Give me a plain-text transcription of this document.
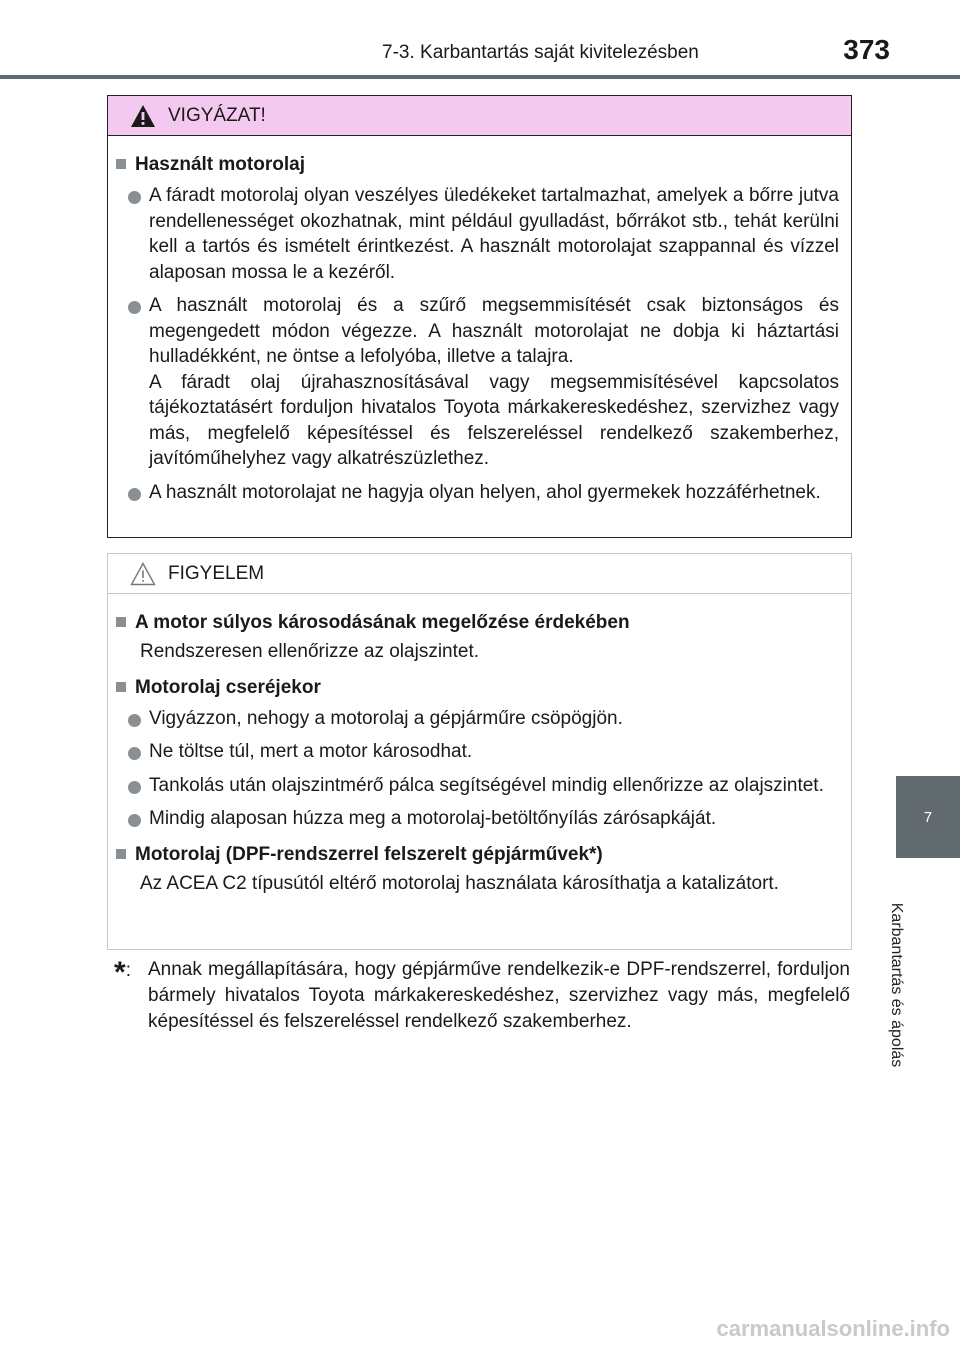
7-3. Karbantartás saját kivitelezésben	373
7
Karbantartás és ápolás
VIGYÁZAT!
Használt motorolaj
A fáradt motorolaj olyan veszélyes üledékeket tartalmazhat, amelyek a bőrre jutva rendellenességet okozhatnak, mint például gyulladást, bőrrákot stb., tehát kerülni kell a tartós és ismételt érintkezést. A használt motorolajat szappannal és vízzel alaposan mossa le a kezéről.
A használt motorolaj és a szűrő megsemmisítését csak biztonságos és megengedett módon végezze. A használt motorolajat ne dobja ki háztartási hulladékként, ne öntse a lefolyóba, illetve a talajra.
A fáradt olaj újrahasznosításával vagy megsemmisítésével kapcsolatos tájékoztatásért forduljon hivatalos Toyota márkakereskedéshez, szervizhez vagy más, megfelelő képesítéssel és felszereléssel rendelkező szakemberhez, javítóműhelyhez vagy alkatrészüzlethez.
A használt motorolajat ne hagyja olyan helyen, ahol gyermekek hozzáférhetnek.
FIGYELEM
A motor súlyos károsodásának megelőzése érdekében
Rendszeresen ellenőrizze az olajszintet.
Motorolaj cseréjekor
Vigyázzon, nehogy a motorolaj a gépjárműre csöpögjön.
Ne töltse túl, mert a motor károsodhat.
Tankolás után olajszintmérő pálca segítségével mindig ellenőrizze az olajszintet.
Mindig alaposan húzza meg a motorolaj-betöltőnyílás zárósapkáját.
Motorolaj (DPF-rendszerrel felszerelt gépjárművek*)
Az ACEA C2 típusútól eltérő motorolaj használata károsíthatja a katalizátort.
*: Annak megállapítására, hogy gépjárműve rendelkezik-e DPF-rendszerrel, forduljon bármely hivatalos Toyota márkakereskedéshez, szervizhez vagy más, megfelelő képesítéssel és felszereléssel rendelkező szakemberhez.
carmanualsonline.info
